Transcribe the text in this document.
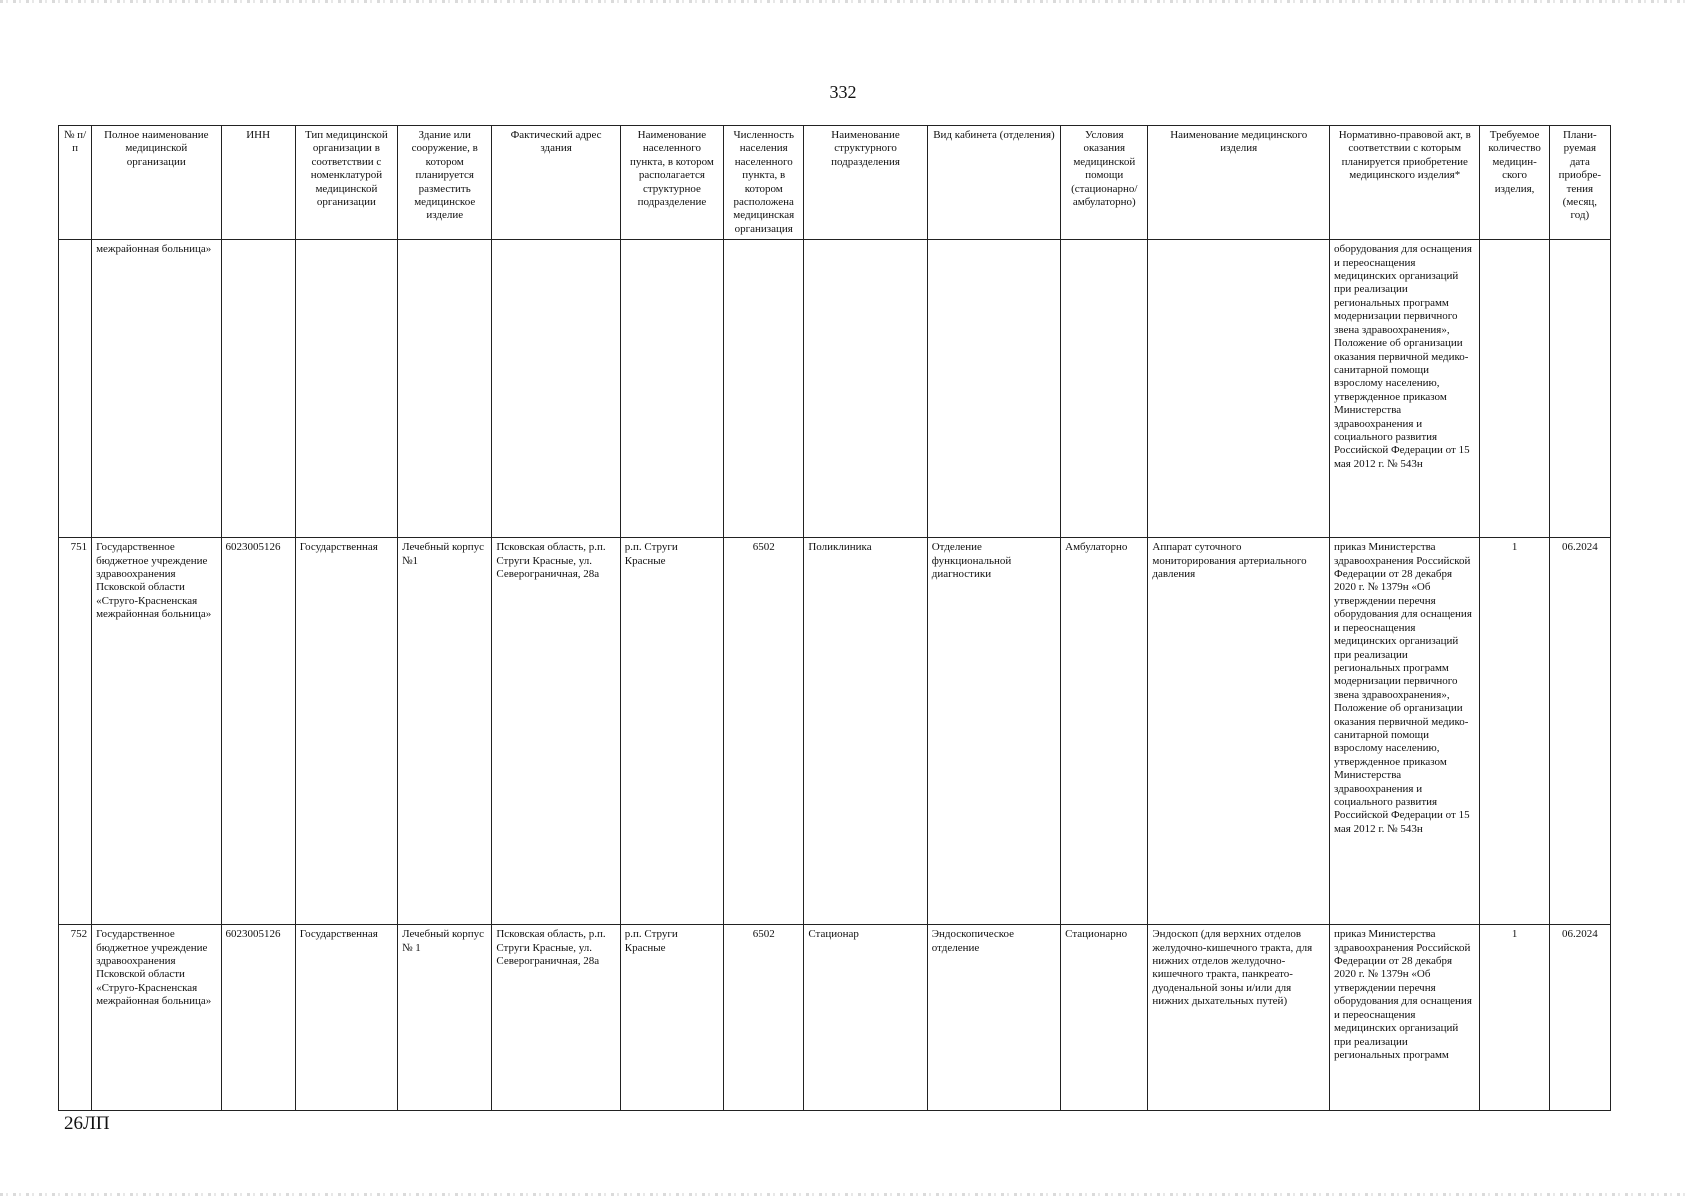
332
№ п/п	Полное наименование медицинской организации	ИНН	Тип медицинской организации в соответствии с номенклатурой медицинской организации	Здание или сооружение, в котором планируется разместить медицинское изделие	Фактический адрес здания	Наименование населенного пункта, в котором располагается структурное подразделение	Численность населения населенного пункта, в котором расположена медицинская организация	Наименование структурного подразделения	Вид кабинета (отделения)	Условия оказания медицинской помощи (стационарно/ амбулаторно)	Наименование медицинского изделия	Нормативно-правовой акт, в соответствии с которым планируется приобретение медицинского изделия*	Требуемое количество медицин-ского изделия,	Плани-руемая дата приобре-тения (месяц, год)
	межрайонная больница»											оборудования для оснащения и переоснащения медицинских организаций при реализации региональных программ модернизации первичного звена здравоохранения», Положение об организации оказания первичной медико-санитарной помощи взрослому населению, утвержденное приказом Министерства здравоохранения и социального развития Российской Федерации от 15 мая 2012 г. № 543н		
751	Государственное бюджетное учреждение здравоохранения Псковской области «Струго-Красненская межрайонная больница»	6023005126	Государственная	Лечебный корпус №1	Псковская область, р.п. Струги Красные, ул. Северограничная, 28а	р.п. Струги Красные	6502	Поликлиника	Отделение функциональной диагностики	Амбулаторно	Аппарат суточного мониторирования артериального давления	приказ Министерства здравоохранения Российской Федерации от 28 декабря 2020 г. № 1379н «Об утверждении перечня оборудования для оснащения и переоснащения медицинских организаций при реализации региональных программ модернизации первичного звена здравоохранения», Положение об организации оказания первичной медико-санитарной помощи взрослому населению, утвержденное приказом Министерства здравоохранения и социального развития Российской Федерации от 15 мая 2012 г. № 543н	1	06.2024
752	Государственное бюджетное учреждение здравоохранения Псковской области «Струго-Красненская межрайонная больница»	6023005126	Государственная	Лечебный корпус № 1	Псковская область, р.п. Струги Красные, ул. Северограничная, 28а	р.п. Струги Красные	6502	Стационар	Эндоскопическое отделение	Стационарно	Эндоскоп (для верхних отделов желудочно-кишечного тракта, для нижних отделов желудочно-кишечного тракта, панкреато-дуоденальной зоны и/или для нижних дыхательных путей)	приказ Министерства здравоохранения Российской Федерации от 28 декабря 2020 г. № 1379н «Об утверждении перечня оборудования для оснащения и переоснащения медицинских организаций при реализации региональных программ	1	06.2024
26ЛП
